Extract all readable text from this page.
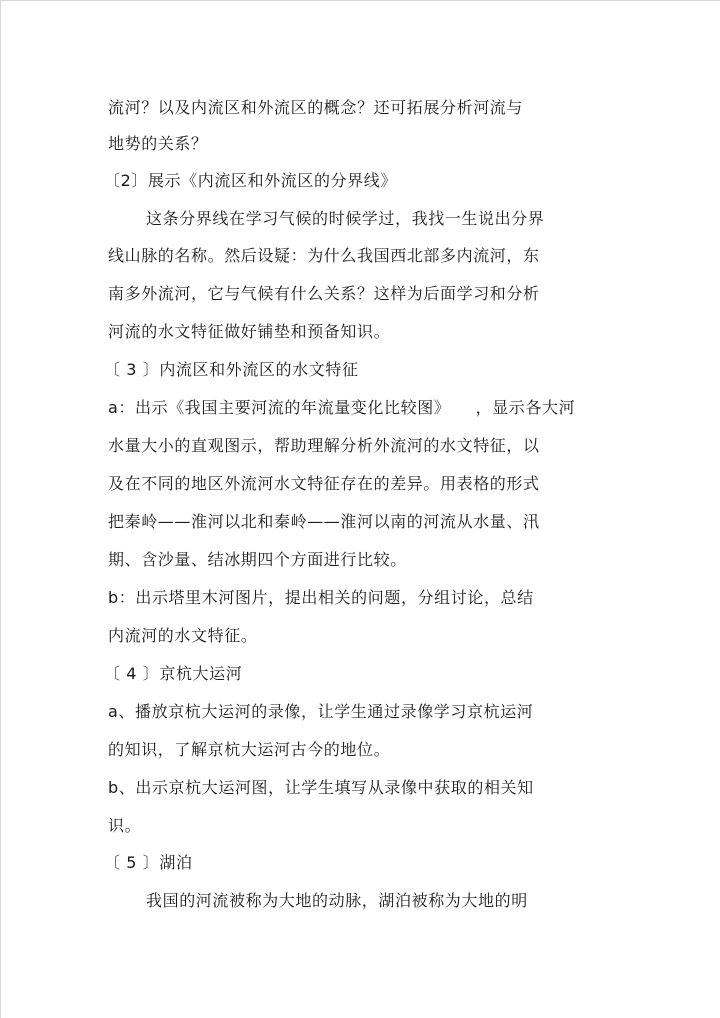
流河？以及内流区和外流区的概念？还可拓展分析河流与
地势的关系？
〔2〕展示《内流区和外流区的分界线》
这条分界线在学习气候的时候学过，我找一生说出分界
线山脉的名称。然后设疑：为什么我国西北部多内流河，东
南多外流河，它与气候有什么关系？这样为后面学习和分析
河流的水文特征做好铺垫和预备知识。
〔 3 〕内流区和外流区的水文特征
a：出示《我国主要河流的年流量变化比较图》　　，显示各大河
水量大小的直观图示，帮助理解分析外流河的水文特征，以
及在不同的地区外流河水文特征存在的差异。用表格的形式
把秦岭——淮河以北和秦岭——淮河以南的河流从水量、汛
期、含沙量、结冰期四个方面进行比较。
b：出示塔里木河图片，提出相关的问题，分组讨论，总结
内流河的水文特征。
〔 4 〕京杭大运河
a、播放京杭大运河的录像，让学生通过录像学习京杭运河
的知识，了解京杭大运河古今的地位。
b、出示京杭大运河图，让学生填写从录像中获取的相关知
识。
〔 5 〕湖泊
我国的河流被称为大地的动脉，湖泊被称为大地的明
